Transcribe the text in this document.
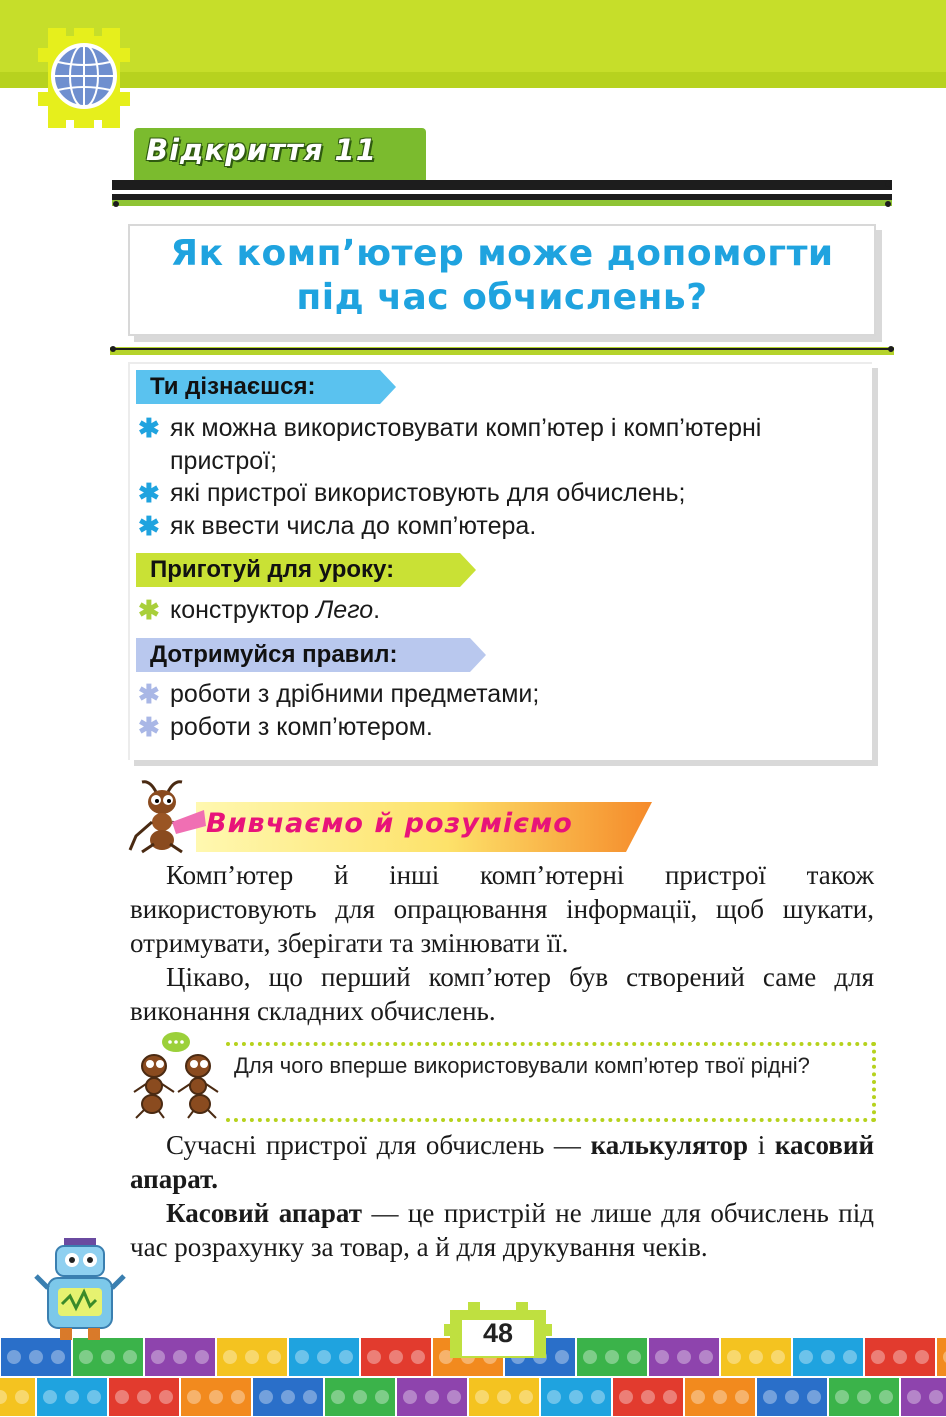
Відкриття 11
Як комп’ютер може допомогти
під час обчислень?
Ти дізнаєшся:
✱ як можна використовувати комп’ютер і комп’ютерні
пристрої;
✱ які пристрої використовують для обчислень;
✱ як ввести числа до комп’ютера.
Приготуй для уроку:
✱ конструктор Лего.
Дотримуйся правил:
✱ роботи з дрібними предметами;
✱ роботи з комп’ютером.
Вивчаємо й розуміємо
Комп’ютер й інші комп’ютерні пристрої також використовують для опрацювання інформації, щоб шукати, отримувати, зберігати та змінювати її.
Цікаво, що перший комп’ютер був створений саме для виконання складних обчислень.
Для чого вперше використовували комп’ютер твої рідні?
Сучасні пристрої для обчислень — калькулятор і касовий апарат.
Касовий апарат — це пристрій не лише для обчислень під час розрахунку за товар, а й для друкування чеків.
48
